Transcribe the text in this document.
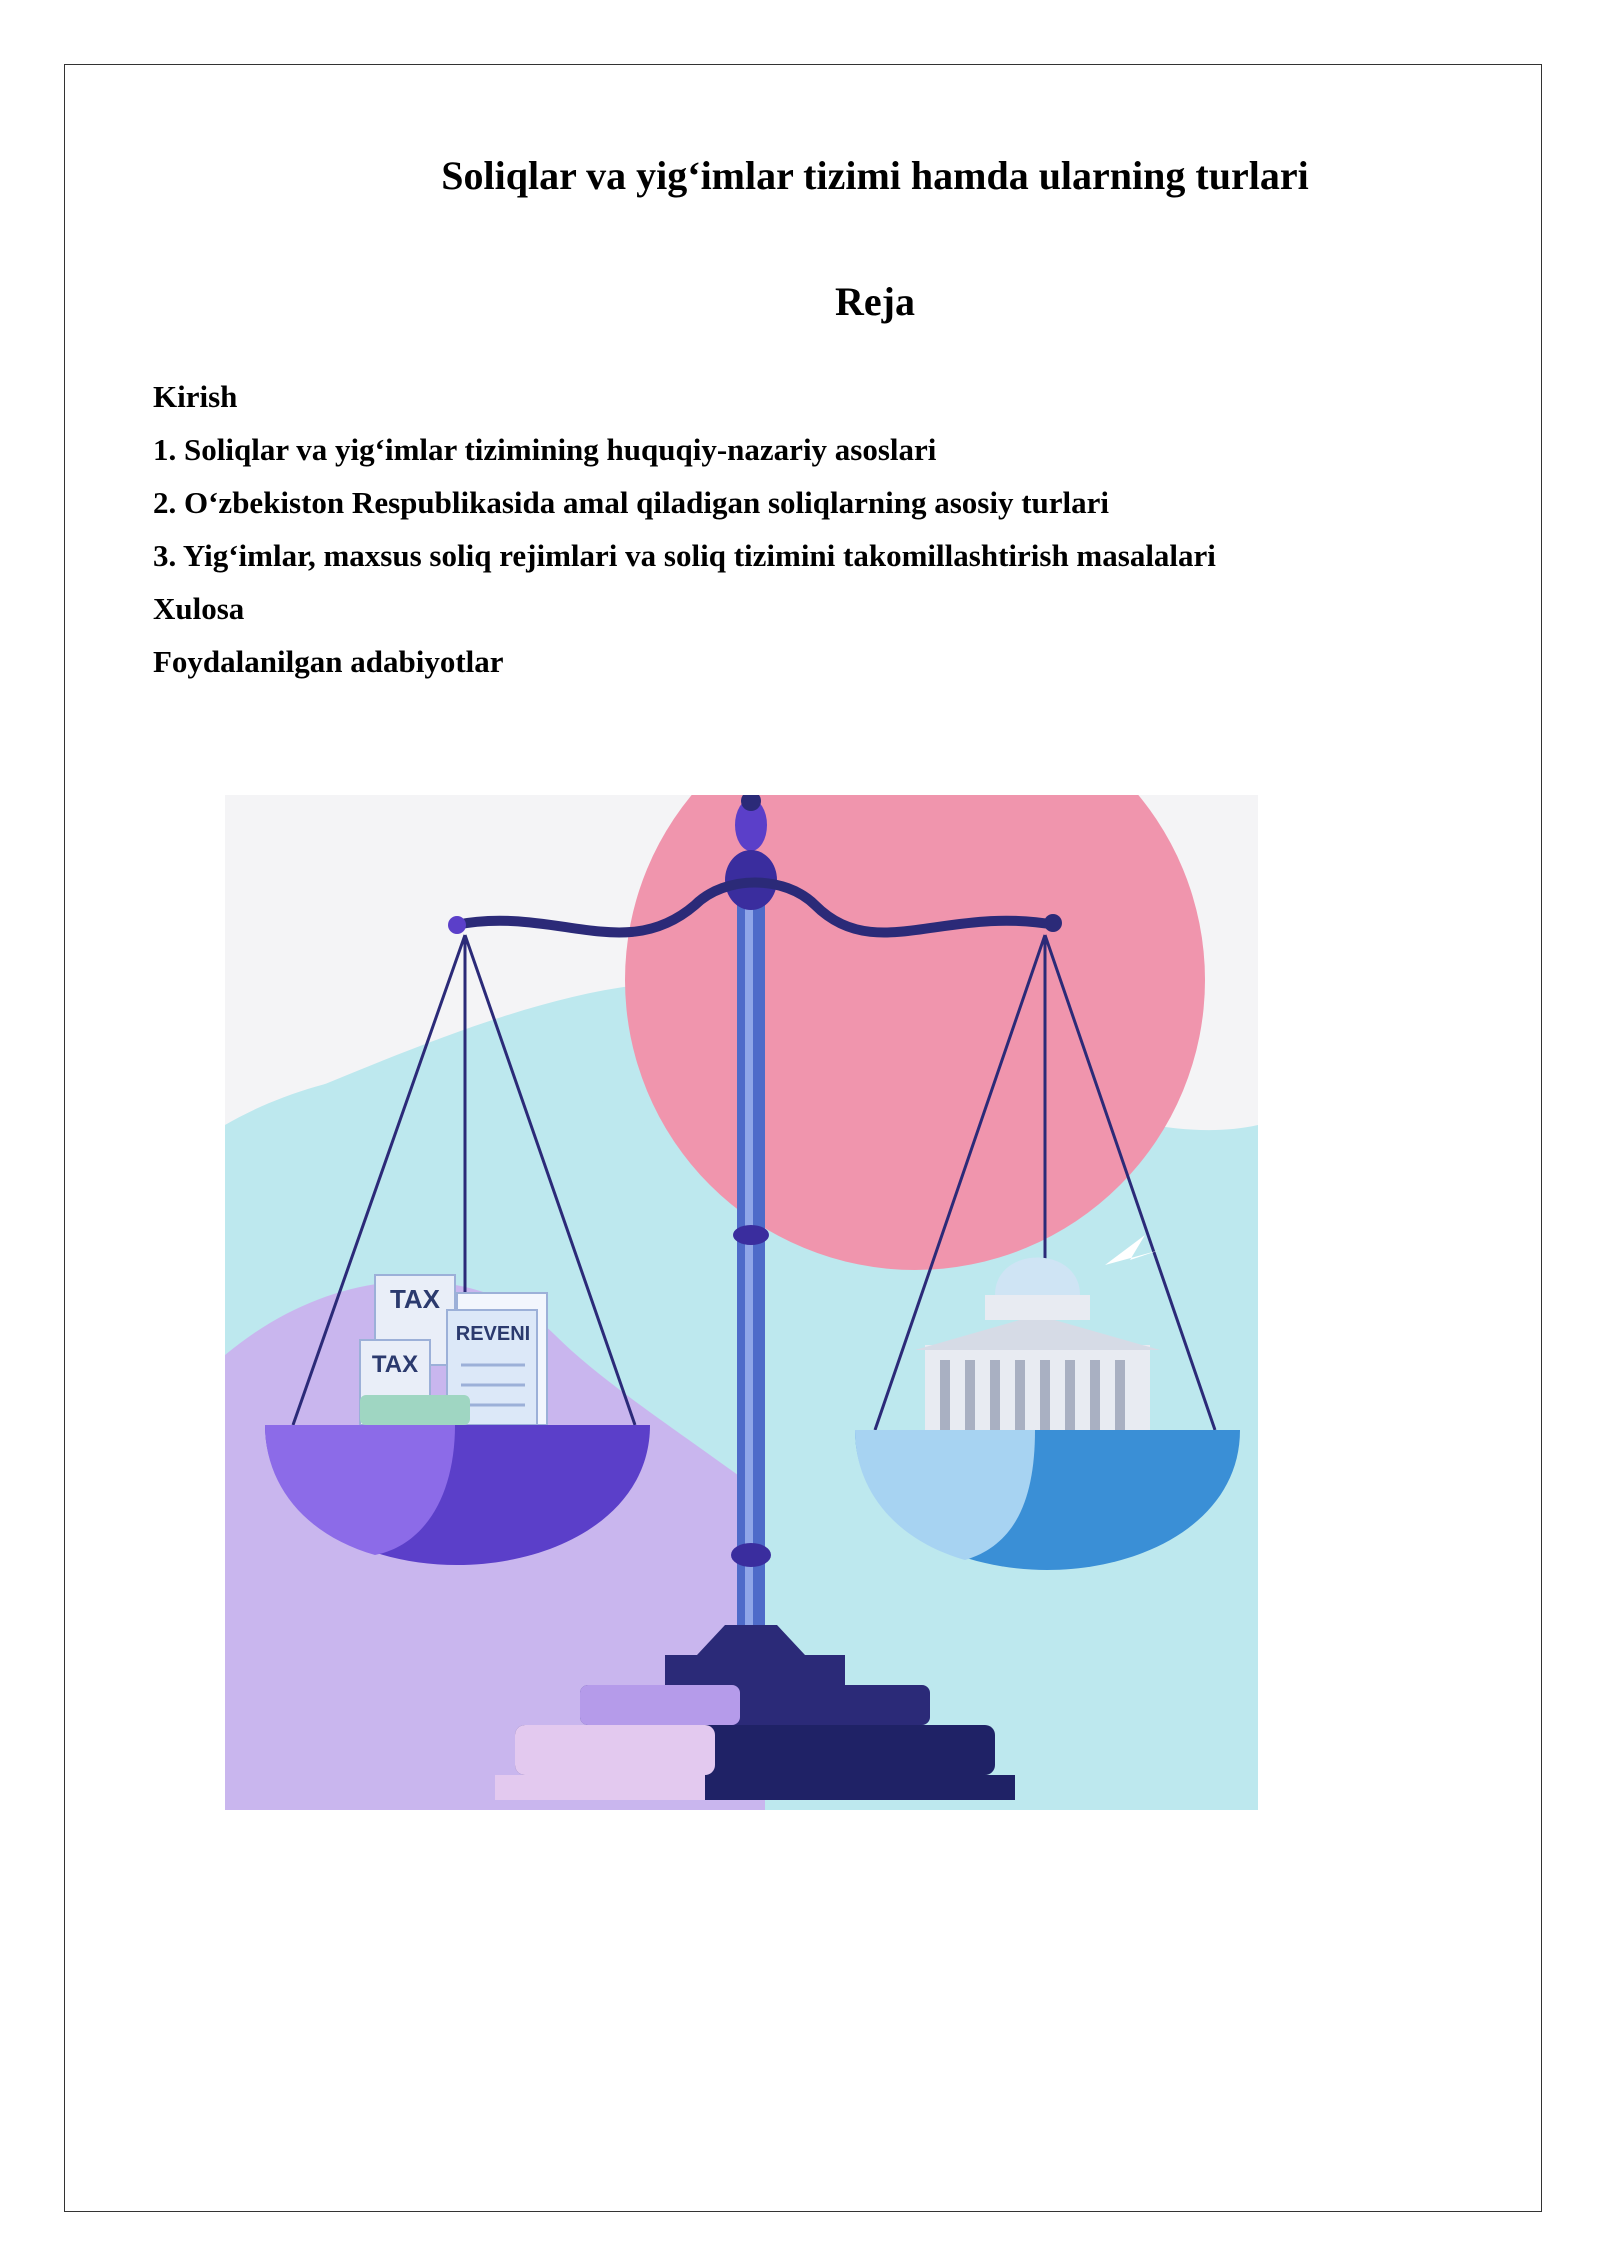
Soliqlar va yig‘imlar tizimi hamda ularning turlari
Reja
Kirish
1. Soliqlar va yig‘imlar tizimining huquqiy-nazariy asoslari
2. O‘zbekiston Respublikasida amal qiladigan soliqlarning asosiy turlari
3. Yig‘imlar, maxsus soliq rejimlari va soliq tizimini takomillashtirish masalalari
Xulosa
Foydalanilgan adabiyotlar
TAX
TAX
REVENI
